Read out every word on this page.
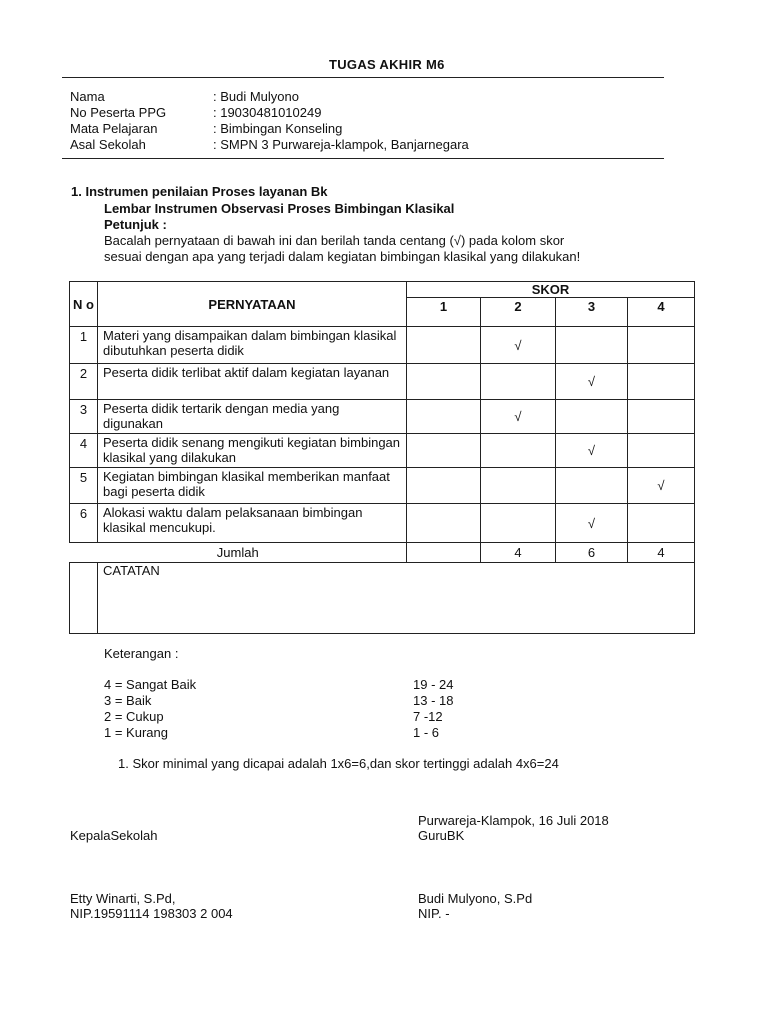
TUGAS AKHIR M6
Nama	: Budi Mulyono
No Peserta PPG	: 19030481010249
Mata Pelajaran	: Bimbingan Konseling
Asal Sekolah	: SMPN 3 Purwareja-klampok, Banjarnegara
1. Instrumen penilaian Proses layanan Bk
Lembar Instrumen Observasi Proses Bimbingan Klasikal
Petunjuk :
Bacalah pernyataan di bawah ini dan berilah tanda centang (√) pada kolom skor
sesuai dengan apa yang terjadi dalam kegiatan bimbingan klasikal yang dilakukan!
N o	PERNYATAAN	SKOR			
		1	2	3	4
1	Materi yang disampaikan dalam bimbingan klasikal dibutuhkan peserta didik		√		
2	Peserta didik terlibat aktif dalam kegiatan layanan			√	
3	Peserta didik tertarik dengan media yang digunakan		√		
4	Peserta didik senang mengikuti kegiatan bimbingan klasikal yang dilakukan			√	
5	Kegiatan bimbingan klasikal memberikan manfaat bagi peserta didik				√
6	Alokasi waktu dalam pelaksanaan bimbingan klasikal mencukupi.			√	
Jumlah			4	6	4
	CATATAN				
Keterangan :
4 = Sangat Baik	19 - 24
3 = Baik	13 - 18
2 = Cukup	7 -12
1 = Kurang	1 - 6
1. Skor minimal yang dicapai adalah 1x6=6,dan skor tertinggi adalah 4x6=24
Purwareja-Klampok, 16 Juli 2018
KepalaSekolah	GuruBK
Etty Winarti, S.Pd,
NIP.19591114 198303 2 004
Budi Mulyono, S.Pd
NIP. -
